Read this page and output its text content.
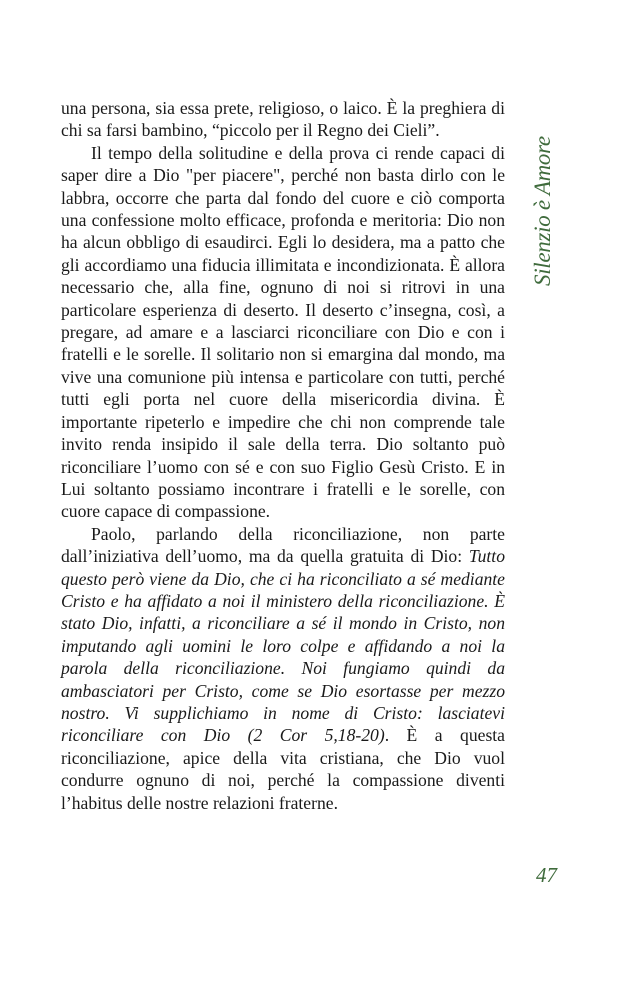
una persona, sia essa prete, religioso, o laico. È la preghiera di chi sa farsi bambino, “piccolo per il Regno dei Cieli”.

Il tempo della solitudine e della prova ci rende capaci di saper dire a Dio "per piacere", perché non basta dirlo con le labbra, occorre che parta dal fondo del cuore e ciò comporta una confessione molto efficace, profonda e meritoria: Dio non ha alcun obbligo di esaudirci. Egli lo desidera, ma a patto che gli accordiamo una fiducia illimitata e incondizionata. È allora necessario che, alla fine, ognuno di noi si ritrovi in una particolare esperienza di deserto. Il deserto c’insegna, così, a pregare, ad amare e a lasciarci riconciliare con Dio e con i fratelli e le sorelle. Il solitario non si emargina dal mondo, ma vive una comunione più intensa e particolare con tutti, perché tutti egli porta nel cuore della misericordia divina. È importante ripeterlo e impedire che chi non comprende tale invito renda insipido il sale della terra. Dio soltanto può riconciliare l’uomo con sé e con suo Figlio Gesù Cristo. E in Lui soltanto possiamo incontrare i fratelli e le sorelle, con cuore capace di compassione.

Paolo, parlando della riconciliazione, non parte dall’iniziativa dell’uomo, ma da quella gratuita di Dio: Tutto questo però viene da Dio, che ci ha riconciliato a sé mediante Cristo e ha affidato a noi il ministero della riconciliazione. È stato Dio, infatti, a riconciliare a sé il mondo in Cristo, non imputando agli uomini le loro colpe e affidando a noi la parola della riconciliazione. Noi fungiamo quindi da ambasciatori per Cristo, come se Dio esortasse per mezzo nostro. Vi supplichiamo in nome di Cristo: lasciatevi riconciliare con Dio (2 Cor 5,18-20). È a questa riconciliazione, apice della vita cristiana, che Dio vuol condurre ognuno di noi, perché la compassione diventi l’habitus delle nostre relazioni fraterne.

Silenzio è Amore
47
